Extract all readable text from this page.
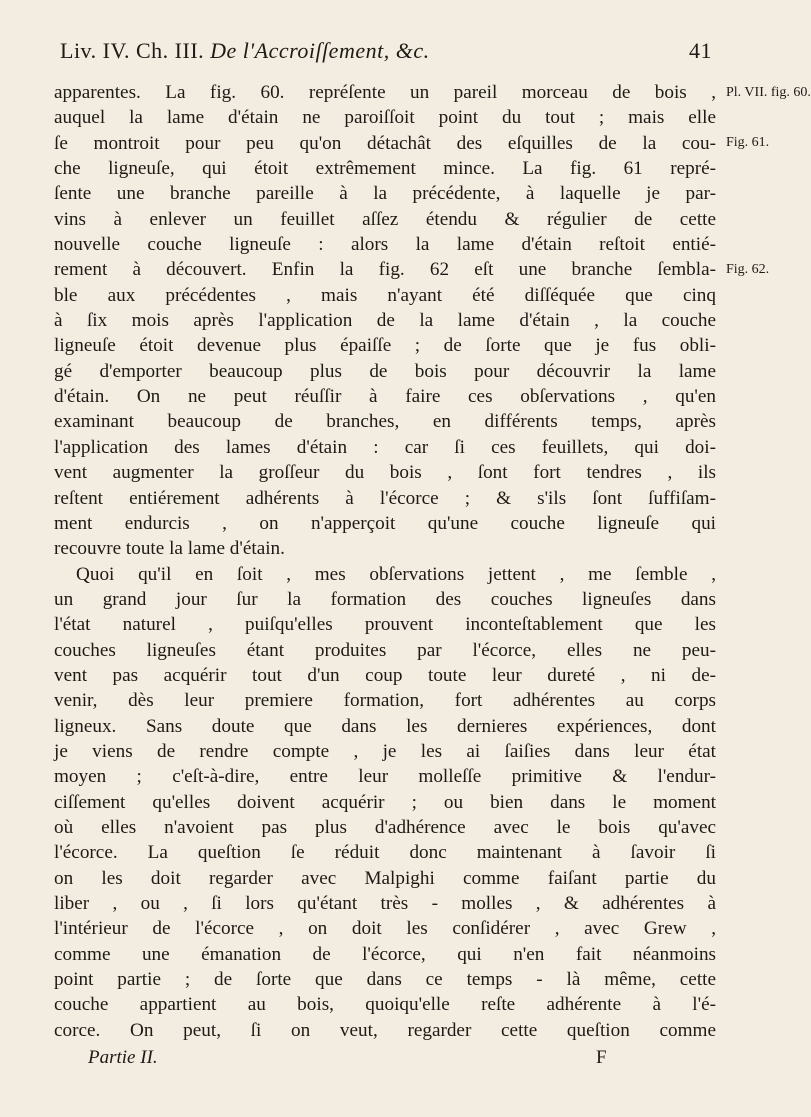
Liv. IV. Ch. III. De l'Accroiſſement, &c.	41
Pl. VII. fig. 60.
Fig. 61.
Fig. 62.
apparentes. La fig. 60. repréſente un pareil morceau de bois ,
auquel la lame d'étain ne paroiſſoit point du tout ; mais elle
ſe montroit pour peu qu'on détachât des eſquilles de la cou-
che ligneuſe, qui étoit extrêmement mince. La fig. 61 repré-
ſente une branche pareille à la précédente, à laquelle je par-
vins à enlever un feuillet aſſez étendu & régulier de cette
nouvelle couche ligneuſe : alors la lame d'étain reſtoit entié-
rement à découvert. Enfin la fig. 62 eſt une branche ſembla-
ble aux précédentes , mais n'ayant été diſſéquée que cinq
à ſix mois après l'application de la lame d'étain , la couche
ligneuſe étoit devenue plus épaiſſe ; de ſorte que je fus obli-
gé d'emporter beaucoup plus de bois pour découvrir la lame
d'étain. On ne peut réuſſir à faire ces obſervations , qu'en
examinant beaucoup de branches, en différents temps, après
l'application des lames d'étain : car ſi ces feuillets, qui doi-
vent augmenter la groſſeur du bois , ſont fort tendres , ils
reſtent entiérement adhérents à l'écorce ; & s'ils ſont ſuffiſam-
ment endurcis , on n'apperçoit qu'une couche ligneuſe qui
recouvre toute la lame d'étain.
Quoi qu'il en ſoit , mes obſervations jettent , me ſemble ,
un grand jour ſur la formation des couches ligneuſes dans
l'état naturel , puiſqu'elles prouvent inconteſtablement que les
couches ligneuſes étant produites par l'écorce, elles ne peu-
vent pas acquérir tout d'un coup toute leur dureté , ni de-
venir, dès leur premiere formation, fort adhérentes au corps
ligneux. Sans doute que dans les dernieres expériences, dont
je viens de rendre compte , je les ai ſaiſies dans leur état
moyen ; c'eſt-à-dire, entre leur molleſſe primitive & l'endur-
ciſſement qu'elles doivent acquérir ; ou bien dans le moment
où elles n'avoient pas plus d'adhérence avec le bois qu'avec
l'écorce. La queſtion ſe réduit donc maintenant à ſavoir ſi
on les doit regarder avec Malpighi comme faiſant partie du
liber , ou , ſi lors qu'étant très - molles , & adhérentes à
l'intérieur de l'écorce , on doit les conſidérer , avec Grew ,
comme une émanation de l'écorce, qui n'en fait néanmoins
point partie ; de ſorte que dans ce temps - là même, cette
couche appartient au bois, quoiqu'elle reſte adhérente à l'é-
corce. On peut, ſi on veut, regarder cette queſtion comme
Partie II.	F
